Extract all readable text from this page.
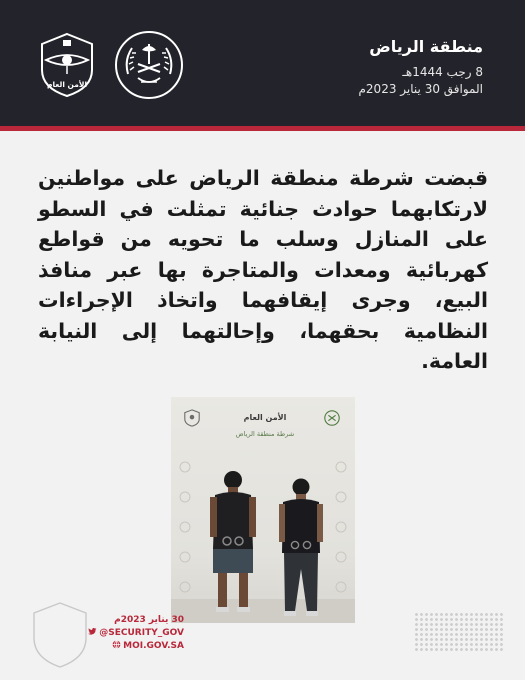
منطقة الرياض
8 رجب 1444هـ
الموافق 30 يناير 2023م
الأمن العام
قبضت شرطة منطقة الرياض على مواطنين لارتكابهما حوادث جنائية تمثلت في السطو على المنازل وسلب ما تحويه من قواطع كهربائية ومعدات والمتاجرة بها عبر منافذ البيع، وجرى إيقافهما واتخاذ الإجراءات النظامية بحقهما، وإحالتهما إلى النيابة العامة.
الأمن العام
شرطة منطقة الرياض
30 يناير 2023م
@SECURITY_GOV
MOI.GOV.SA
